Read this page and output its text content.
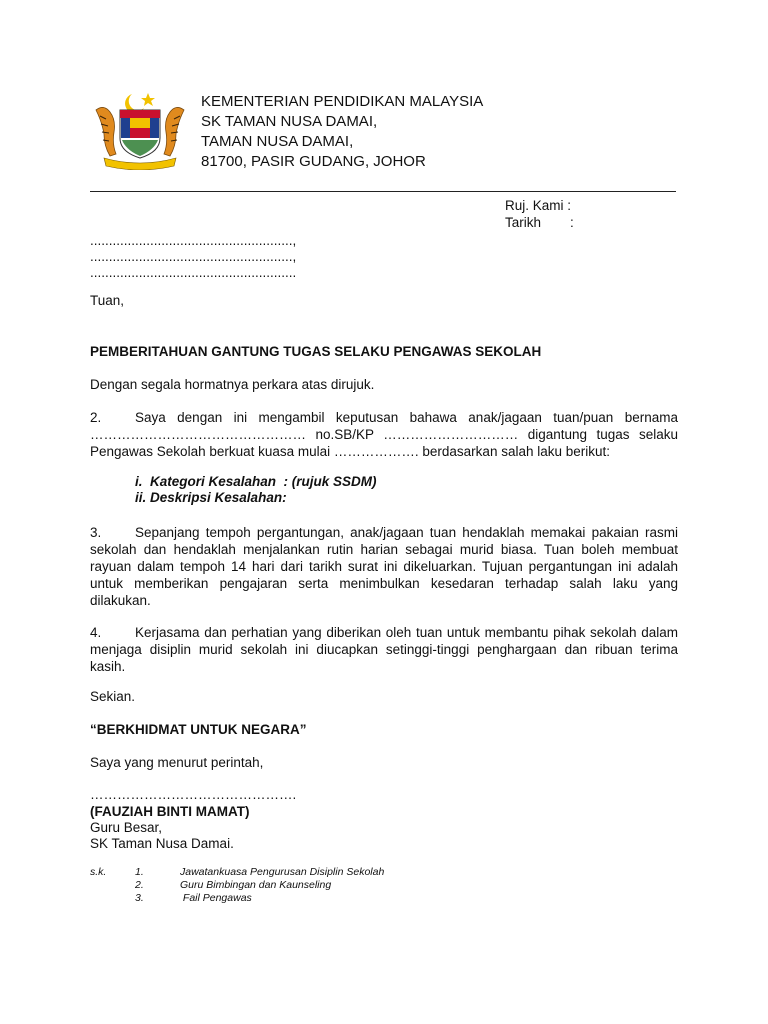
KEMENTERIAN PENDIDIKAN MALAYSIA
SK TAMAN NUSA DAMAI,
TAMAN NUSA DAMAI,
81700, PASIR GUDANG, JOHOR
Ruj. Kami :
Tarikh :
......................................................,
......................................................,
.......................................................
Tuan,
PEMBERITAHUAN GANTUNG TUGAS SELAKU PENGAWAS SEKOLAH
Dengan segala hormatnya perkara atas dirujuk.
2. Saya dengan ini mengambil keputusan bahawa anak/jagaan tuan/puan bernama
………………………………………… no.SB/KP ………………………… digantung tugas selaku
Pengawas Sekolah berkuat kuasa mulai ………………. berdasarkan salah laku berikut:
i.  Kategori Kesalahan  : (rujuk SSDM)
ii. Deskripsi Kesalahan:
3. Sepanjang tempoh pergantungan, anak/jagaan tuan hendaklah memakai pakaian rasmi
sekolah dan hendaklah menjalankan rutin harian sebagai murid biasa. Tuan boleh membuat
rayuan dalam tempoh 14 hari dari tarikh surat ini dikeluarkan. Tujuan pergantungan ini adalah
untuk memberikan pengajaran serta menimbulkan kesedaran terhadap salah laku yang
dilakukan.
4. Kerjasama dan perhatian yang diberikan oleh tuan untuk membantu pihak sekolah dalam
menjaga disiplin murid sekolah ini diucapkan setinggi-tinggi penghargaan dan ribuan terima
kasih.
Sekian.
“BERKHIDMAT UNTUK NEGARA”
Saya yang menurut perintah,
……………………………………….
(FAUZIAH BINTI MAMAT)
Guru Besar,
SK Taman Nusa Damai.
s.k.	1.	Jawatankuasa Pengurusan Disiplin Sekolah
2.	Guru Bimbingan dan Kaunseling
3.	Fail Pengawas
